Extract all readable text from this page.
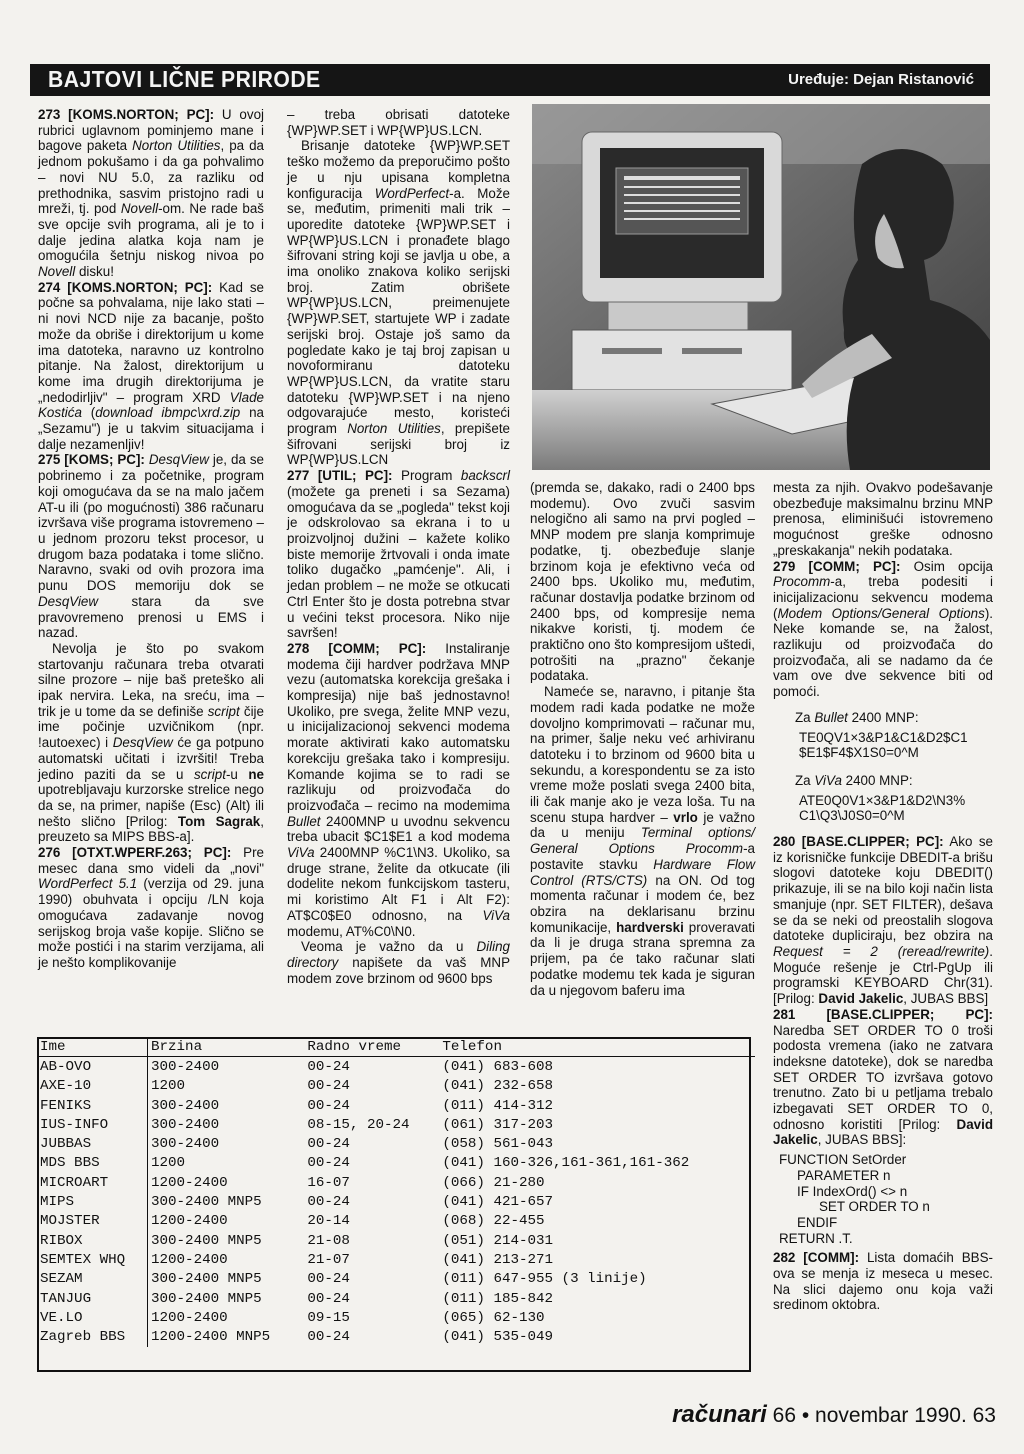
BAJTOVI LIČNE PRIRODE	Uređuje: Dejan Ristanović

273 [KOMS.NORTON; PC]: U ovoj rubrici uglavnom pominjemo mane i bagove paketa Norton Utilities, pa da jednom pokušamo i da ga pohvalimo – novi NU 5.0, za razliku od prethodnika, sasvim pristojno radi u mreži, tj. pod Novell-om. Ne rade baš sve opcije svih programa, ali je to i dalje jedina alatka koja nam je omogućila šetnju niskog nivoa po Novell disku!

274 [KOMS.NORTON; PC]: Kad se počne sa pohvalama, nije lako stati – ni novi NCD nije za bacanje, pošto može da obriše i direktorijum u kome ima datoteka, naravno uz kontrolno pitanje. Na žalost, direktorijum u kome ima drugih direktorijuma je „nedodirljiv" – program XRD Vlade Kostića (download ibmpc\xrd.zip na „Sezamu") je u takvim situacijama i dalje nezamenljiv!

275 [KOMS; PC]: DesqView je, da se pobrinemo i za početnike, program koji omogućava da se na malo jačem AT-u ili (po mogućnosti) 386 računaru izvršava više programa istovremeno – u jednom prozoru tekst procesor, u drugom baza podataka i tome slično. Naravno, svaki od ovih prozora ima punu DOS memoriju dok se DesqView stara da sve pravovremeno prenosi u EMS i nazad.

Nevolja je što po svakom startovanju računara treba otvarati silne prozore – nije baš preteško ali ipak nervira. Leka, na sreću, ima – trik je u tome da se definiše script čije ime počinje uzvičnikom (npr. !autoexec) i DesqView će ga potpuno automatski učitati i izvršiti! Treba jedino paziti da se u script-u ne upotrebljavaju kurzorske strelice nego da se, na primer, napiše (Esc) (Alt) ili nešto slično [Prilog: Tom Sagrak, preuzeto sa MIPS BBS-a].

276 [OTXT.WPERF.263; PC]: Pre mesec dana smo videli da „novi" WordPerfect 5.1 (verzija od 29. juna 1990) obuhvata i opciju /LN koja omogućava zadavanje novog serijskog broja vaše kopije. Slično se može postići i na starim verzijama, ali je nešto komplikovanije

– treba obrisati datoteke {WP}WP.SET i WP{WP}US.LCN.

Brisanje datoteke {WP}WP.SET teško možemo da preporučimo pošto je u nju upisana kompletna konfiguracija WordPerfect-a. Može se, međutim, primeniti mali trik – uporedite datoteke {WP}WP.SET i WP{WP}US.LCN i pronađete blago šifrovani string koji se javlja u obe, a ima onoliko znakova koliko serijski broj. Zatim obrišete WP{WP}US.LCN, preimenujete {WP}WP.SET, startujete WP i zadate serijski broj. Ostaje još samo da pogledate kako je taj broj zapisan u novoformiranu datoteku WP{WP}US.LCN, da vratite staru datoteku {WP}WP.SET i na njeno odgovarajuće mesto, koristeći program Norton Utilities, prepišete šifrovani serijski broj iz WP{WP}US.LCN

277 [UTIL; PC]: Program backscrl (možete ga preneti i sa Sezama) omogućava da se „pogleda" tekst koji je odskrolovao sa ekrana i to u proizvoljnoj dužini – kažete koliko biste memorije žrtvovali i onda imate toliko dugačko „pamćenje". Ali, i jedan problem – ne može se otkucati Ctrl Enter što je dosta potrebna stvar u većini tekst procesora. Niko nije savršen!

278 [COMM; PC]: Instaliranje modema čiji hardver podržava MNP vezu (automatska korekcija grešaka i kompresija) nije baš jednostavno! Ukoliko, pre svega, želite MNP vezu, u inicijalizacionoj sekvenci modema morate aktivirati kako automatsku korekciju grešaka tako i kompresiju. Komande kojima se to radi se razlikuju od proizvođača do proizvođača – recimo na modemima Bullet 2400MNP u uvodnu sekvencu treba ubacit $C1$E1 a kod modema ViVa 2400MNP %C1\N3. Ukoliko, sa druge strane, želite da otkucate (ili dodelite nekom funkcijskom tasteru, mi koristimo Alt F1 i Alt F2): AT$C0$E0 odnosno, na ViVa modemu, AT%C0\N0.

Veoma je važno da u Diling directory napišete da vaš MNP modem zove brzinom od 9600 bps

(premda se, dakako, radi o 2400 bps modemu). Ovo zvuči sasvim nelogično ali samo na prvi pogled – MNP modem pre slanja komprimuje podatke, tj. obezbeđuje slanje brzinom koja je efektivno veća od 2400 bps. Ukoliko mu, međutim, računar dostavlja podatke brzinom od 2400 bps, od kompresije nema nikakve koristi, tj. modem će praktično ono što kompresijom uštedi, potrošiti na „prazno" čekanje podataka.

Nameće se, naravno, i pitanje šta modem radi kada podatke ne može dovoljno komprimovati – računar mu, na primer, šalje neku već arhiviranu datoteku i to brzinom od 9600 bita u sekundu, a korespondentu se za isto vreme može poslati svega 2400 bita, ili čak manje ako je veza loša. Tu na scenu stupa hardver – vrlo je važno da u meniju Terminal options/ General Options Procomm-a postavite stavku Hardware Flow Control (RTS/CTS) na ON. Od tog momenta računar i modem će, bez obzira na deklarisanu brzinu komunikacije, hardverski proveravati da li je druga strana spremna za prijem, pa će tako računar slati podatke modemu tek kada je siguran da u njegovom baferu ima

mesta za njih. Ovakvo podešavanje obezbeđuje maksimalnu brzinu MNP prenosa, eliminišući istovremeno mogućnost greške odnosno „preskakanja" nekih podataka.

279 [COMM; PC]: Osim opcija Procomm-a, treba podesiti i inicijalizacionu sekvencu modema (Modem Options/General Options). Neke komande se, na žalost, razlikuju od proizvođača do proizvođača, ali se nadamo da će vam ove dve sekvence biti od pomoći.

Za Bullet 2400 MNP:

TE0QV1×3&P1&C1&D2$C1

$E1$F4$X1S0=0^M

Za ViVa 2400 MNP:

ATE0Q0V1×3&P1&D2\N3%

C1\Q3\J0S0=0^M

280 [BASE.CLIPPER; PC]: Ako se iz korisničke funkcije DBEDIT-a brišu slogovi datoteke koju DBEDIT() prikazuje, ili se na bilo koji način lista smanjuje (npr. SET FILTER), dešava se da se neki od preostalih slogova datoteke dupliciraju, bez obzira na Request = 2 (reread/rewrite). Moguće rešenje je Ctrl-PgUp ili programski KEYBOARD Chr(31). [Prilog: David Jakelic, JUBAS BBS]

281 [BASE.CLIPPER; PC]: Naredba SET ORDER TO 0 troši podosta vremena (iako ne zatvara indeksne datoteke), dok se naredba SET ORDER TO izvršava gotovo trenutno. Zato bi u petljama trebalo izbegavati SET ORDER TO 0, odnosno koristiti [Prilog: David Jakelic, JUBAS BBS]:

FUNCTION SetOrder
PARAMETER n
IF IndexOrd() <> n
SET ORDER TO n
ENDIF
RETURN .T.

282 [COMM]: Lista domaćih BBS-ova se menja iz meseca u mesec. Na slici dajemo onu koja važi sredinom oktobra.

Ime	Brzina	Radno vreme	Telefon
AB-OVO	300-2400	00-24	(041) 683-608
AXE-10	1200	00-24	(041) 232-658
FENIKS	300-2400	00-24	(011) 414-312
IUS-INFO	300-2400	08-15, 20-24	(061) 317-203
JUBBAS	300-2400	00-24	(058) 561-043
MDS BBS	1200	00-24	(041) 160-326,161-361,161-362
MICROART	1200-2400	16-07	(066) 21-280
MIPS	300-2400 MNP5	00-24	(041) 421-657
MOJSTER	1200-2400	20-14	(068) 22-455
RIBOX	300-2400 MNP5	21-08	(051) 214-031
SEMTEX WHQ	1200-2400	21-07	(041) 213-271
SEZAM	300-2400 MNP5	00-24	(011) 647-955 (3 linije)
TANJUG	300-2400 MNP5	00-24	(011) 185-842
VE.LO	1200-2400	09-15	(065) 62-130
Zagreb BBS	1200-2400 MNP5	00-24	(041) 535-049
računari 66 • novembar 1990. 63
